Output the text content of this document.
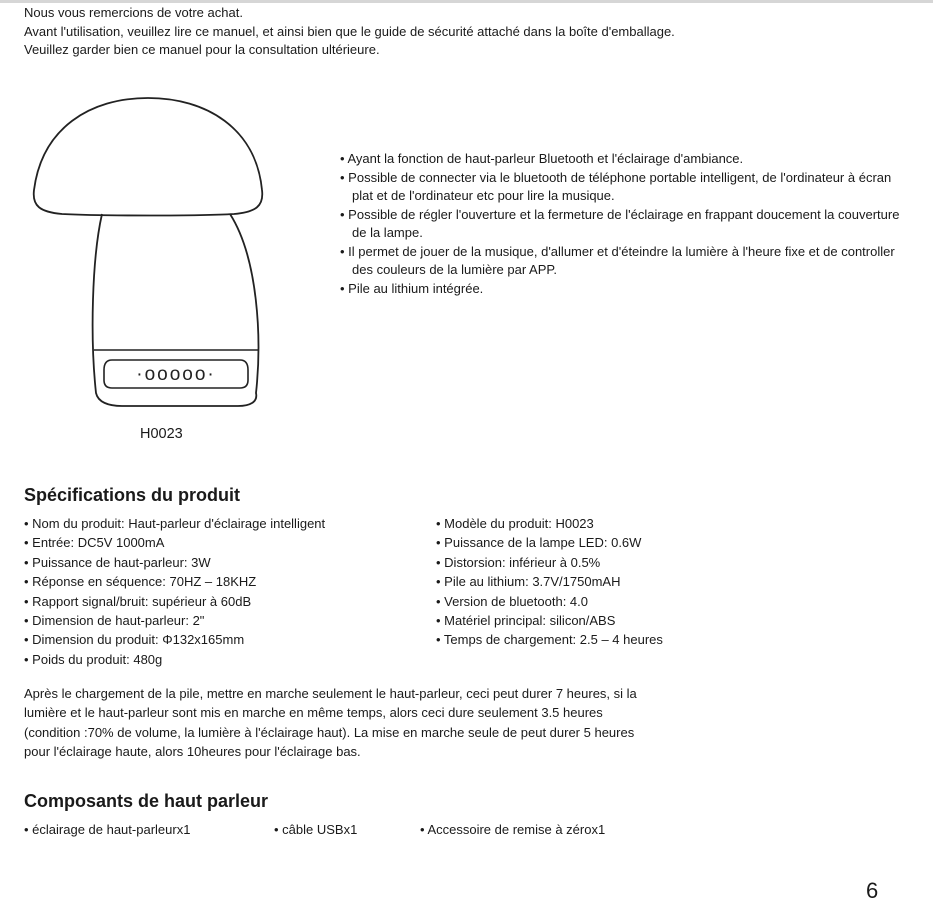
Nous vous remercions de votre achat.
Avant l'utilisation, veuillez lire ce manuel, et ainsi bien que le guide de sécurité attaché dans la boîte d'emballage.
Veuillez garder bien ce manuel pour la consultation ultérieure.
·ooooo·
H0023
• Ayant la fonction de haut-parleur Bluetooth et l'éclairage d'ambiance.
• Possible de connecter via le bluetooth de téléphone portable intelligent, de l'ordinateur à écran plat et de l'ordinateur etc pour lire la musique.
• Possible de régler l'ouverture et la fermeture de l'éclairage en frappant doucement la couverture de la lampe.
• Il permet de jouer de la musique, d'allumer et d'éteindre la lumière à l'heure fixe et de controller des couleurs de la lumière par APP.
• Pile au lithium intégrée.
Spécifications du produit
• Nom du produit: Haut-parleur d'éclairage intelligent
• Entrée: DC5V 1000mA
• Puissance de haut-parleur: 3W
• Réponse en séquence: 70HZ – 18KHZ
• Rapport signal/bruit: supérieur à 60dB
• Dimension de haut-parleur: 2"
• Dimension du produit: Φ132x165mm
• Poids du produit: 480g
• Modèle du produit: H0023
• Puissance de la lampe LED: 0.6W
• Distorsion: inférieur à 0.5%
• Pile au lithium: 3.7V/1750mAH
• Version de bluetooth: 4.0
• Matériel principal: silicon/ABS
• Temps de chargement: 2.5 – 4 heures
Après le chargement de la pile, mettre en marche seulement le haut-parleur, ceci peut durer 7 heures, si la
lumière et le haut-parleur sont mis en marche en même temps, alors ceci dure seulement 3.5 heures
(condition :70% de volume, la lumière à l'éclairage haut). La mise en marche seule de peut durer 5 heures
pour l'éclairage haute, alors 10heures pour l'éclairage bas.
Composants de haut parleur
• éclairage de haut-parleurx1	• câble USBx1	• Accessoire de remise à zérox1
6
